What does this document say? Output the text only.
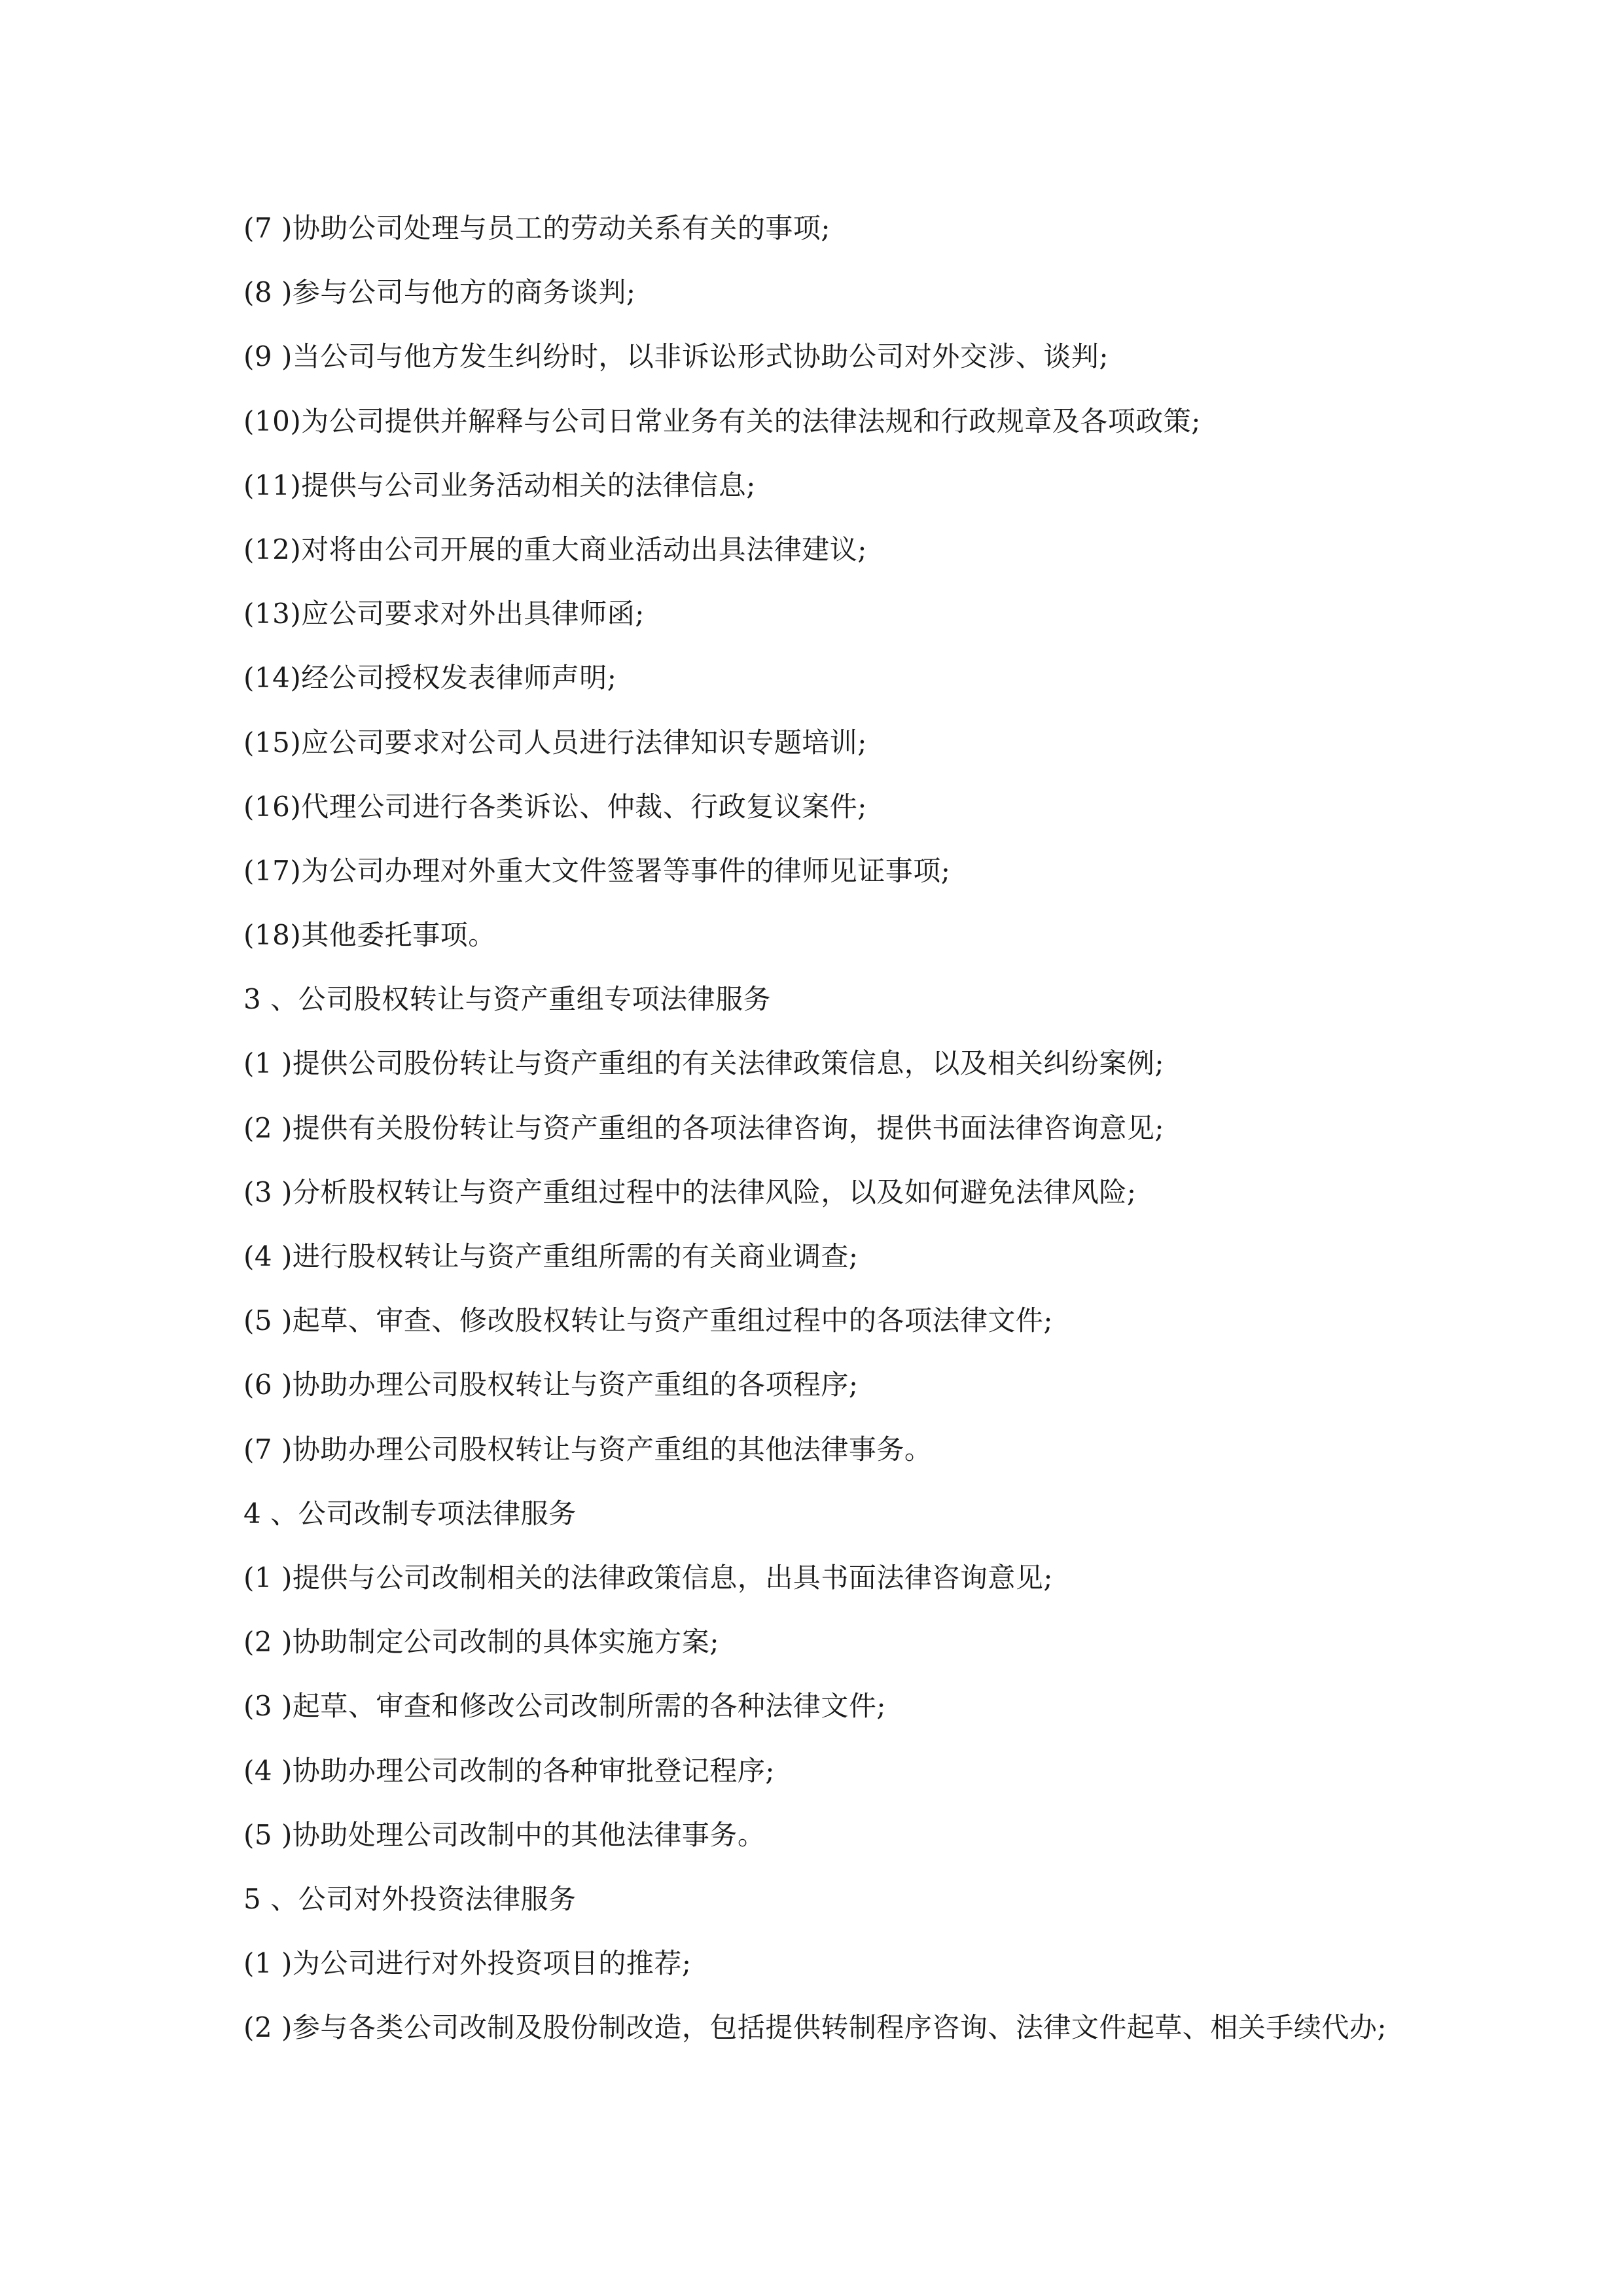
(7 )协助公司处理与员工的劳动关系有关的事项;
(8 )参与公司与他方的商务谈判;
(9 )当公司与他方发生纠纷时，以非诉讼形式协助公司对外交涉、谈判;
(10)为公司提供并解释与公司日常业务有关的法律法规和行政规章及各项政策;
(11)提供与公司业务活动相关的法律信息;
(12)对将由公司开展的重大商业活动出具法律建议;
(13)应公司要求对外出具律师函;
(14)经公司授权发表律师声明;
(15)应公司要求对公司人员进行法律知识专题培训;
(16)代理公司进行各类诉讼、仲裁、行政复议案件;
(17)为公司办理对外重大文件签署等事件的律师见证事项;
(18)其他委托事项。
3 、公司股权转让与资产重组专项法律服务
(1 )提供公司股份转让与资产重组的有关法律政策信息，以及相关纠纷案例;
(2 )提供有关股份转让与资产重组的各项法律咨询，提供书面法律咨询意见;
(3 )分析股权转让与资产重组过程中的法律风险，以及如何避免法律风险;
(4 )进行股权转让与资产重组所需的有关商业调查;
(5 )起草、审查、修改股权转让与资产重组过程中的各项法律文件;
(6 )协助办理公司股权转让与资产重组的各项程序;
(7 )协助办理公司股权转让与资产重组的其他法律事务。
4 、公司改制专项法律服务
(1 )提供与公司改制相关的法律政策信息，出具书面法律咨询意见;
(2 )协助制定公司改制的具体实施方案;
(3 )起草、审查和修改公司改制所需的各种法律文件;
(4 )协助办理公司改制的各种审批登记程序;
(5 )协助处理公司改制中的其他法律事务。
5 、公司对外投资法律服务
(1 )为公司进行对外投资项目的推荐;
(2 )参与各类公司改制及股份制改造，包括提供转制程序咨询、法律文件起草、相关手续代办;
